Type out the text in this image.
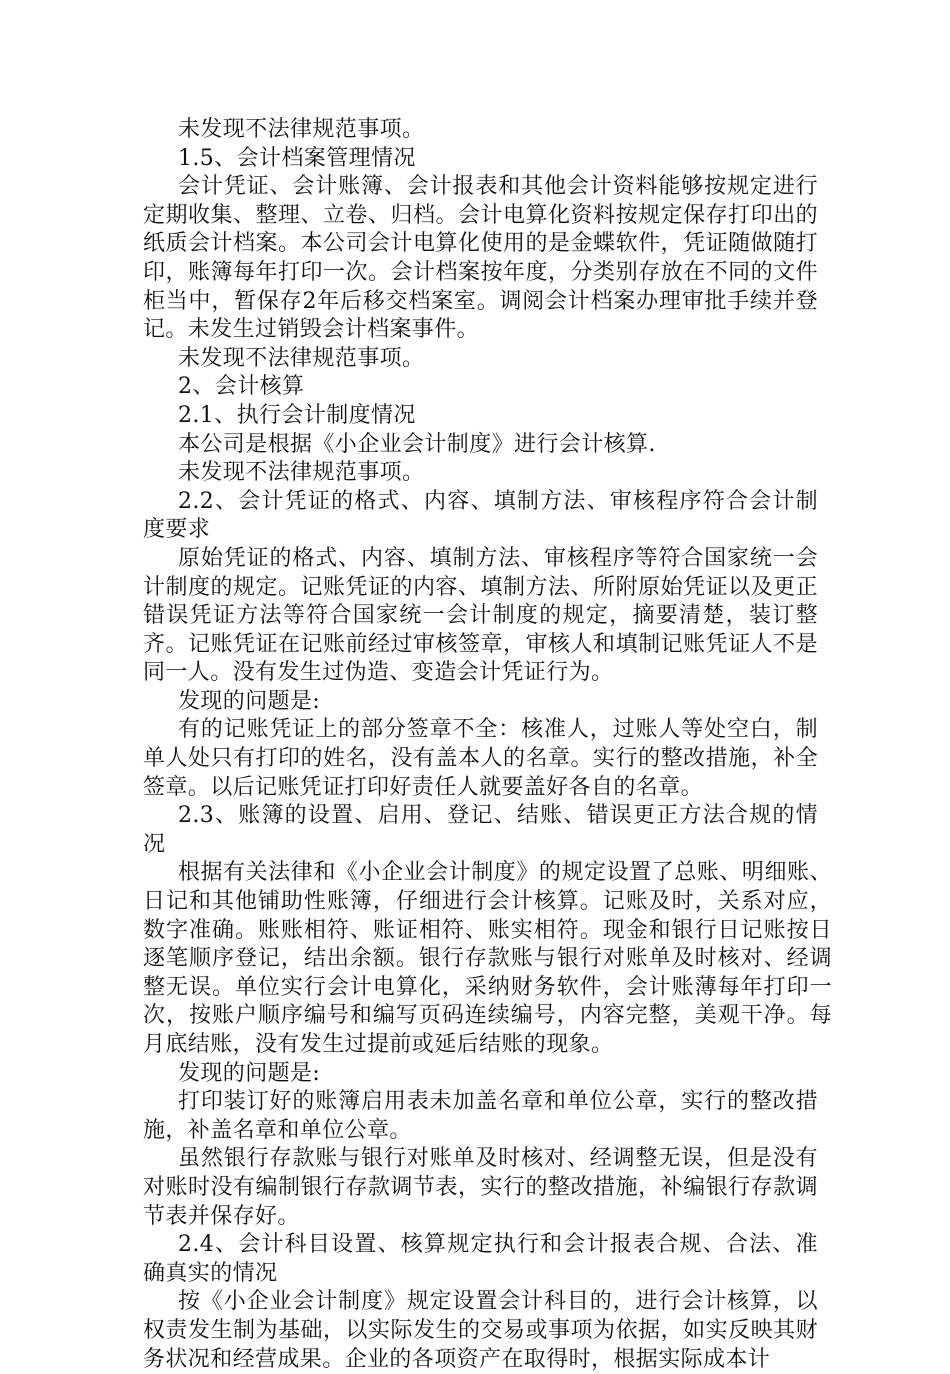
未发现不法律规范事项。

1.5、会计档案管理情况

会计凭证、会计账簿、会计报表和其他会计资料能够按规定进行定期收集、整理、立卷、归档。会计电算化资料按规定保存打印出的纸质会计档案。本公司会计电算化使用的是金蝶软件，凭证随做随打印，账簿每年打印一次。会计档案按年度，分类别存放在不同的文件柜当中，暂保存2年后移交档案室。调阅会计档案办理审批手续并登记。未发生过销毁会计档案事件。

未发现不法律规范事项。

2、会计核算

2.1、执行会计制度情况

本公司是根据《小企业会计制度》进行会计核算.

未发现不法律规范事项。

2.2、会计凭证的格式、内容、填制方法、审核程序符合会计制度要求

原始凭证的格式、内容、填制方法、审核程序等符合国家统一会计制度的规定。记账凭证的内容、填制方法、所附原始凭证以及更正错误凭证方法等符合国家统一会计制度的规定，摘要清楚，装订整齐。记账凭证在记账前经过审核签章，审核人和填制记账凭证人不是同一人。没有发生过伪造、变造会计凭证行为。

发现的问题是:

有的记账凭证上的部分签章不全：核准人，过账人等处空白，制单人处只有打印的姓名，没有盖本人的名章。实行的整改措施，补全签章。以后记账凭证打印好责任人就要盖好各自的名章。

2.3、账簿的设置、启用、登记、结账、错误更正方法合规的情况

根据有关法律和《小企业会计制度》的规定设置了总账、明细账、日记和其他铺助性账簿，仔细进行会计核算。记账及时，关系对应，数字准确。账账相符、账证相符、账实相符。现金和银行日记账按日逐笔顺序登记，结出余额。银行存款账与银行对账单及时核对、经调整无误。单位实行会计电算化，采纳财务软件，会计账薄每年打印一次，按账户顺序编号和编写页码连续编号，内容完整，美观干净。每月底结账，没有发生过提前或延后结账的现象。

发现的问题是:

打印装订好的账簿启用表未加盖名章和单位公章，实行的整改措施，补盖名章和单位公章。

虽然银行存款账与银行对账单及时核对、经调整无误，但是没有对账时没有编制银行存款调节表，实行的整改措施，补编银行存款调节表并保存好。

2.4、会计科目设置、核算规定执行和会计报表合规、合法、准确真实的情况

按《小企业会计制度》规定设置会计科目的，进行会计核算，以权责发生制为基础，以实际发生的交易或事项为依据，如实反映其财务状况和经营成果。企业的各项资产在取得时，根据实际成本计
